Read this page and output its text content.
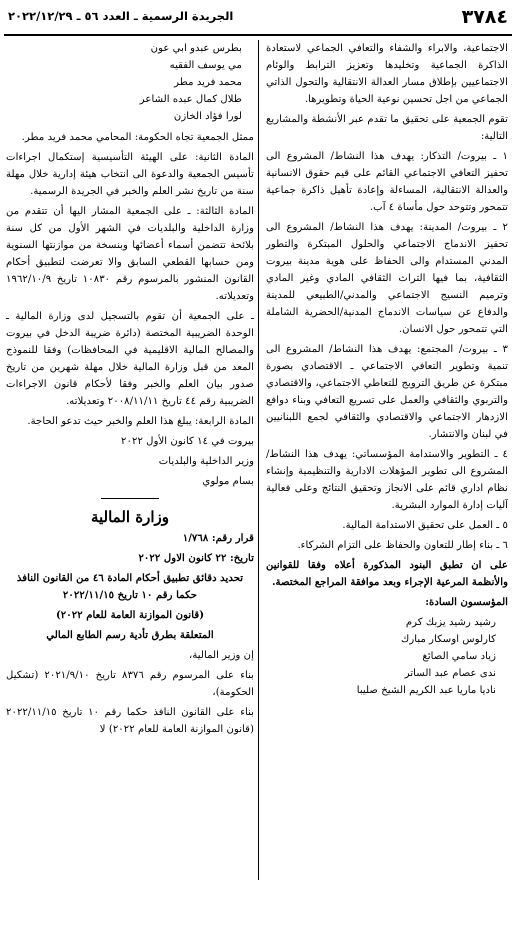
٣٧٨٤
الجريدة الرسمية ـ العدد ٥٦ ـ ٢٠٢٢/١٢/٢٩

الاجتماعية، والابراء والشفاء والتعافي الجماعي لاستعادة الذاكرة الجماعية وتخليدها وتعزيز الترابط والوئام الاجتماعيين بإطلاق مسار العدالة الانتقالية والتحول الذاتي الجماعي من اجل تحسين نوعية الحياة وتطويرها.

تقوم الجمعية على تحقيق ما تقدم عبر الأنشطة والمشاريع التالية:

١ ـ بيروت/ التذكار: يهدف هذا النشاط/ المشروع الى تحفيز التعافي الاجتماعي القائم على قيم حقوق الانسانية والعدالة الانتقالية، المساءلة وإعادة تأهيل ذاكرة جماعية تتمحور وتتوحد حول مأساة ٤ آب.

٢ ـ بيروت/ المدينة: يهدف هذا النشاط/ المشروع الى تحفيز الاندماج الاجتماعي والحلول المبتكرة والتطور المدني المستدام والى الحفاظ على هوية مدينة بيروت الثقافية، بما فيها التراث الثقافي المادي وغير المادي وترميم النسيج الاجتماعي والمدني/الطبيعي للمدينة والدفاع عن سياسات الاندماج المدنية/الحضرية الشاملة التي تتمحور حول الانسان.

٣ ـ بيروت/ المجتمع: يهدف هذا النشاط/ المشروع الى تنمية وتطوير التعافي الاجتماعي ـ الاقتصادي بصورة مبتكرة عن طريق الترويج للتعاطي الاجتماعي، والاقتصادي والتربوي والثقافي والعمل على تسريع التعافي وبناء دوافع الازدهار الاجتماعي والاقتصادي والثقافي لجمع اللبنانيين في لبنان والانتشار.

٤ ـ التطوير والاستدامة المؤسساتي: يهدف هذا النشاط/ المشروع الى تطوير المؤهلات الادارية والتنظيمية وإنشاء نظام اداري قائم على الانجاز وتحقيق النتائج وعلى فعالية آليات إدارة الموارد البشرية.

٥ ـ العمل على تحقيق الاستدامة المالية.

٦ ـ بناء إطار للتعاون والحفاظ على التزام الشركاء.

على ان تطبق البنود المذكورة أعلاه وفقا للقوانين والأنظمة المرعية الإجراء وبعد موافقة المراجع المختصة.

المؤسسون السادة:

رشيد رشيد يزبك كرم
كارلوس اوسكار مبارك
زياد سامي الصائغ
ندى عصام عبد الساتر
ناديا ماريا عبد الكريم الشيخ صليبا
بطرس عبدو ابي عون
مي يوسف الفقيه
محمد فريد مطر
طلال كمال عبده الشاعر
لورا فؤاد الخازن

ممثل الجمعية تجاه الحكومة: المحامي محمد فريد مطر.

المادة الثانية: على الهيئة التأسيسية إستكمال اجراءات تأسيس الجمعية والدعوة الى انتخاب هيئة إدارية خلال مهلة سنة من تاريخ نشر العلم والخبر في الجريدة الرسمية.

المادة الثالثة: ـ على الجمعية المشار اليها أن تتقدم من وزارة الداخلية والبلديات في الشهر الأول من كل سنة بلائحة تتضمن أسماء أعضائها وبنسخة من موازنتها السنوية ومن حسابها القطعي السابق والا تعرضت لتطبيق أحكام القانون المنشور بالمرسوم رقم ١٠٨٣٠ تاريخ ١٩٦٢/١٠/٩ وتعديلاته.

ـ على الجمعية أن تقوم بالتسجيل لدى وزارة المالية ـ الوحدة الضريبية المختصة (دائرة ضريبة الدخل في بيروت والمصالح المالية الاقليمية في المحافظات) وفقا للنموذج المعد من قبل وزارة المالية خلال مهلة شهرين من تاريخ صدور بيان العلم والخبر وفقا لأحكام قانون الاجراءات الضريبية رقم ٤٤ تاريخ ٢٠٠٨/١١/١١ وتعديلاته.

المادة الرابعة: يبلغ هذا العلم والخبر حيث تدعو الحاجة.

بيروت في ١٤ كانون الأول ٢٠٢٢

وزير الداخلية والبلديات

بسام مولوي

وزارة المالية

قرار رقم: ١/٧٦٨

تاريخ: ٢٢ كانون الاول ٢٠٢٢

تحديد دقائق تطبيق أحكام المادة ٤٦ من القانون النافذ حكما رقم ١٠ تاريخ ٢٠٢٢/١١/١٥

(قانون الموازنة العامة للعام ٢٠٢٢)

المتعلقة بطرق تأدية رسم الطابع المالي

إن وزير المالية،

بناء على المرسوم رقم ٨٣٧٦ تاريخ ٢٠٢١/٩/١٠ (تشكيل الحكومة)،

بناء على القانون النافذ حكما رقم ١٠ تاريخ ٢٠٢٢/١١/١٥ (قانون الموازنة العامة للعام ٢٠٢٢) لا
